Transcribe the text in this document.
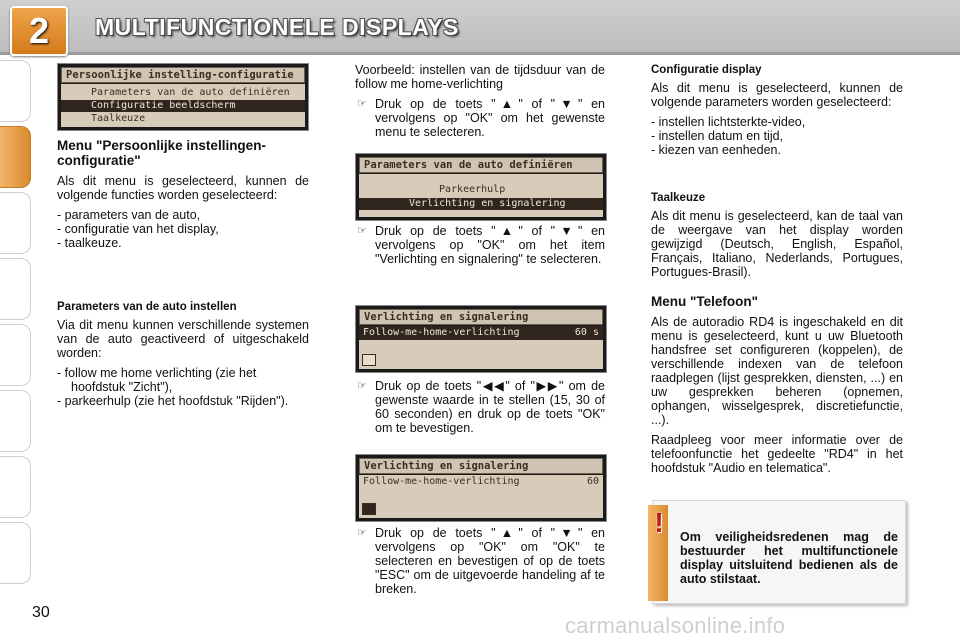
2	MULTIFUNCTIONELE DISPLAYS
Persoonlijke instelling-configuratie
Parameters van de auto definiëren
Configuratie beeldscherm
Taalkeuze
Menu "Persoonlijke instellingen-configuratie"

Als dit menu is geselecteerd, kunnen de volgende functies worden geselecteerd:

- parameters van de auto,
- configuratie van het display,
- taalkeuze.
Parameters van de auto instellen

Via dit menu kunnen verschillende systemen van de auto geactiveerd of uitgeschakeld worden:

- follow me home verlichting (zie het hoofdstuk "Zicht"),
- parkeerhulp (zie het hoofdstuk "Rijden").

Voorbeeld: instellen van de tijdsduur van de follow me home-verlichting

☞ Druk op de toets "▲" of "▼" en vervolgens op "OK" om het gewenste menu te selecteren.
Parameters van de auto definiëren
Parkeerhulp
Verlichting en signalering
☞ Druk op de toets "▲" of "▼" en vervolgens op "OK" om het item "Verlichting en signalering" te selecteren.
Verlichting en signalering
Follow-me-home-verlichting	60 s
☞ Druk op de toets "◀◀" of "▶▶" om de gewenste waarde in te stellen (15, 30 of 60 seconden) en druk op de toets "OK" om te bevestigen.
Verlichting en signalering
Follow-me-home-verlichting	60
☞ Druk op de toets "▲" of "▼" en vervolgens op "OK" om "OK" te selecteren en bevestigen of op de toets "ESC" om de uitgevoerde handeling af te breken.
Configuratie display

Als dit menu is geselecteerd, kunnen de volgende parameters worden geselecteerd:

- instellen lichtsterkte-video,
- instellen datum en tijd,
- kiezen van eenheden.
Taalkeuze

Als dit menu is geselecteerd, kan de taal van de weergave van het display worden gewijzigd (Deutsch, English, Español, Français, Italiano, Nederlands, Portugues, Portugues-Brasil).

Menu "Telefoon"

Als de autoradio RD4 is ingeschakeld en dit menu is geselecteerd, kunt u uw Bluetooth handsfree set configureren (koppelen), de verschillende indexen van de telefoon raadplegen (lijst gesprekken, diensten, ...) en uw gesprekken beheren (opnemen, ophangen, wisselgesprek, discretiefunctie, ...).

Raadpleeg voor meer informatie over de telefoonfunctie het gedeelte "RD4" in het hoofdstuk "Audio en telematica".

!	Om veiligheidsredenen mag de bestuurder het multifunctionele display uitsluitend bedienen als de auto stilstaat.
30
carmanualsonline.info
